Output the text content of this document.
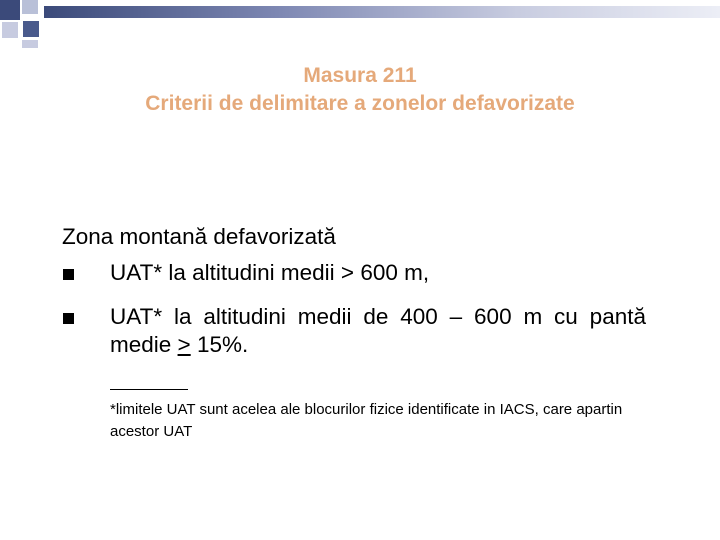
Masura 211
Criterii de delimitare a zonelor defavorizate
Zona montană defavorizată
UAT* la altitudini medii > 600 m,
UAT* la altitudini medii de 400 – 600 m cu pantă medie > 15%.
*limitele UAT sunt acelea ale blocurilor fizice identificate in IACS, care apartin acestor UAT
